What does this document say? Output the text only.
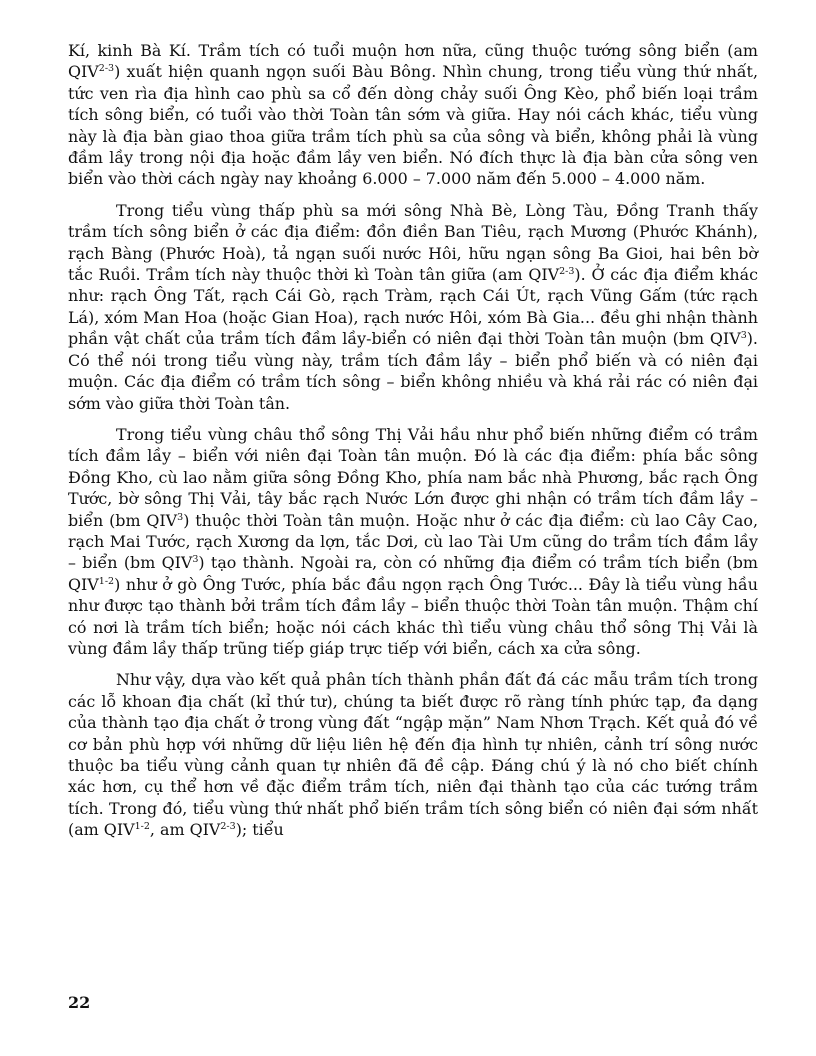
Kí, kinh Bà Kí. Trầm tích có tuổi muộn hơn nữa, cũng thuộc tướng sông biển (am QIV$^{2-3}$) xuất hiện quanh ngọn suối Bàu Bông. Nhìn chung, trong tiểu vùng thứ nhất, tức ven rìa địa hình cao phù sa cổ đến dòng chảy suối Ông Kèo, phổ biến loại trầm tích sông biển, có tuổi vào thời Toàn tân sớm và giữa. Hay nói cách khác, tiểu vùng này là địa bàn giao thoa giữa trầm tích phù sa của sông và biển, không phải là vùng đầm lầy trong nội địa hoặc đầm lầy ven biển. Nó đích thực là địa bàn cửa sông ven biển vào thời cách ngày nay khoảng 6.000 – 7.000 năm đến 5.000 – 4.000 năm.

Trong tiểu vùng thấp phù sa mới sông Nhà Bè, Lòng Tàu, Đồng Tranh thấy trầm tích sông biển ở các địa điểm: đồn điền Ban Tiêu, rạch Mương (Phước Khánh), rạch Bàng (Phước Hoà), tả ngạn suối nước Hôi, hữu ngạn sông Ba Gioi, hai bên bờ tắc Ruồi. Trầm tích này thuộc thời kì Toàn tân giữa (am QIV$^{2-3}$). Ở các địa điểm khác như: rạch Ông Tất, rạch Cái Gò, rạch Tràm, rạch Cái Út, rạch Vũng Gấm (tức rạch Lá), xóm Man Hoa (hoặc Gian Hoa), rạch nước Hôi, xóm Bà Gia... đều ghi nhận thành phần vật chất của trầm tích đầm lầy-biển có niên đại thời Toàn tân muộn (bm QIV$^3$). Có thể nói trong tiểu vùng này, trầm tích đầm lầy – biển phổ biến và có niên đại muộn. Các địa điểm có trầm tích sông – biển không nhiều và khá rải rác có niên đại sớm vào giữa thời Toàn tân.

Trong tiểu vùng châu thổ sông Thị Vải hầu như phổ biến những điểm có trầm tích đầm lầy – biển với niên đại Toàn tân muộn. Đó là các địa điểm: phía bắc sông Đồng Kho, cù lao nằm giữa sông Đồng Kho, phía nam bắc nhà Phương, bắc rạch Ông Tước, bờ sông Thị Vải, tây bắc rạch Nước Lớn được ghi nhận có trầm tích đầm lầy – biển (bm QIV$^3$) thuộc thời Toàn tân muộn. Hoặc như ở các địa điểm: cù lao Cây Cao, rạch Mai Tước, rạch Xương da lợn, tắc Dơi, cù lao Tài Um cũng do trầm tích đầm lầy – biển (bm QIV$^3$) tạo thành. Ngoài ra, còn có những địa điểm có trầm tích biển (bm QIV$^{1-2}$) như ở gò Ông Tước, phía bắc đầu ngọn rạch Ông Tước... Đây là tiểu vùng hầu như được tạo thành bởi trầm tích đầm lầy – biển thuộc thời Toàn tân muộn. Thậm chí có nơi là trầm tích biển; hoặc nói cách khác thì tiểu vùng châu thổ sông Thị Vải là vùng đầm lầy thấp trũng tiếp giáp trực tiếp với biển, cách xa cửa sông.

Như vậy, dựa vào kết quả phân tích thành phần đất đá các mẫu trầm tích trong các lỗ khoan địa chất (kỉ thứ tư), chúng ta biết được rõ ràng tính phức tạp, đa dạng của thành tạo địa chất ở trong vùng đất “ngập mặn” Nam Nhơn Trạch. Kết quả đó về cơ bản phù hợp với những dữ liệu liên hệ đến địa hình tự nhiên, cảnh trí sông nước thuộc ba tiểu vùng cảnh quan tự nhiên đã đề cập. Đáng chú ý là nó cho biết chính xác hơn, cụ thể hơn về đặc điểm trầm tích, niên đại thành tạo của các tướng trầm tích. Trong đó, tiểu vùng thứ nhất phổ biến trầm tích sông biển có niên đại sớm nhất (am QIV$^{1-2}$, am QIV$^{2-3}$); tiểu

22
